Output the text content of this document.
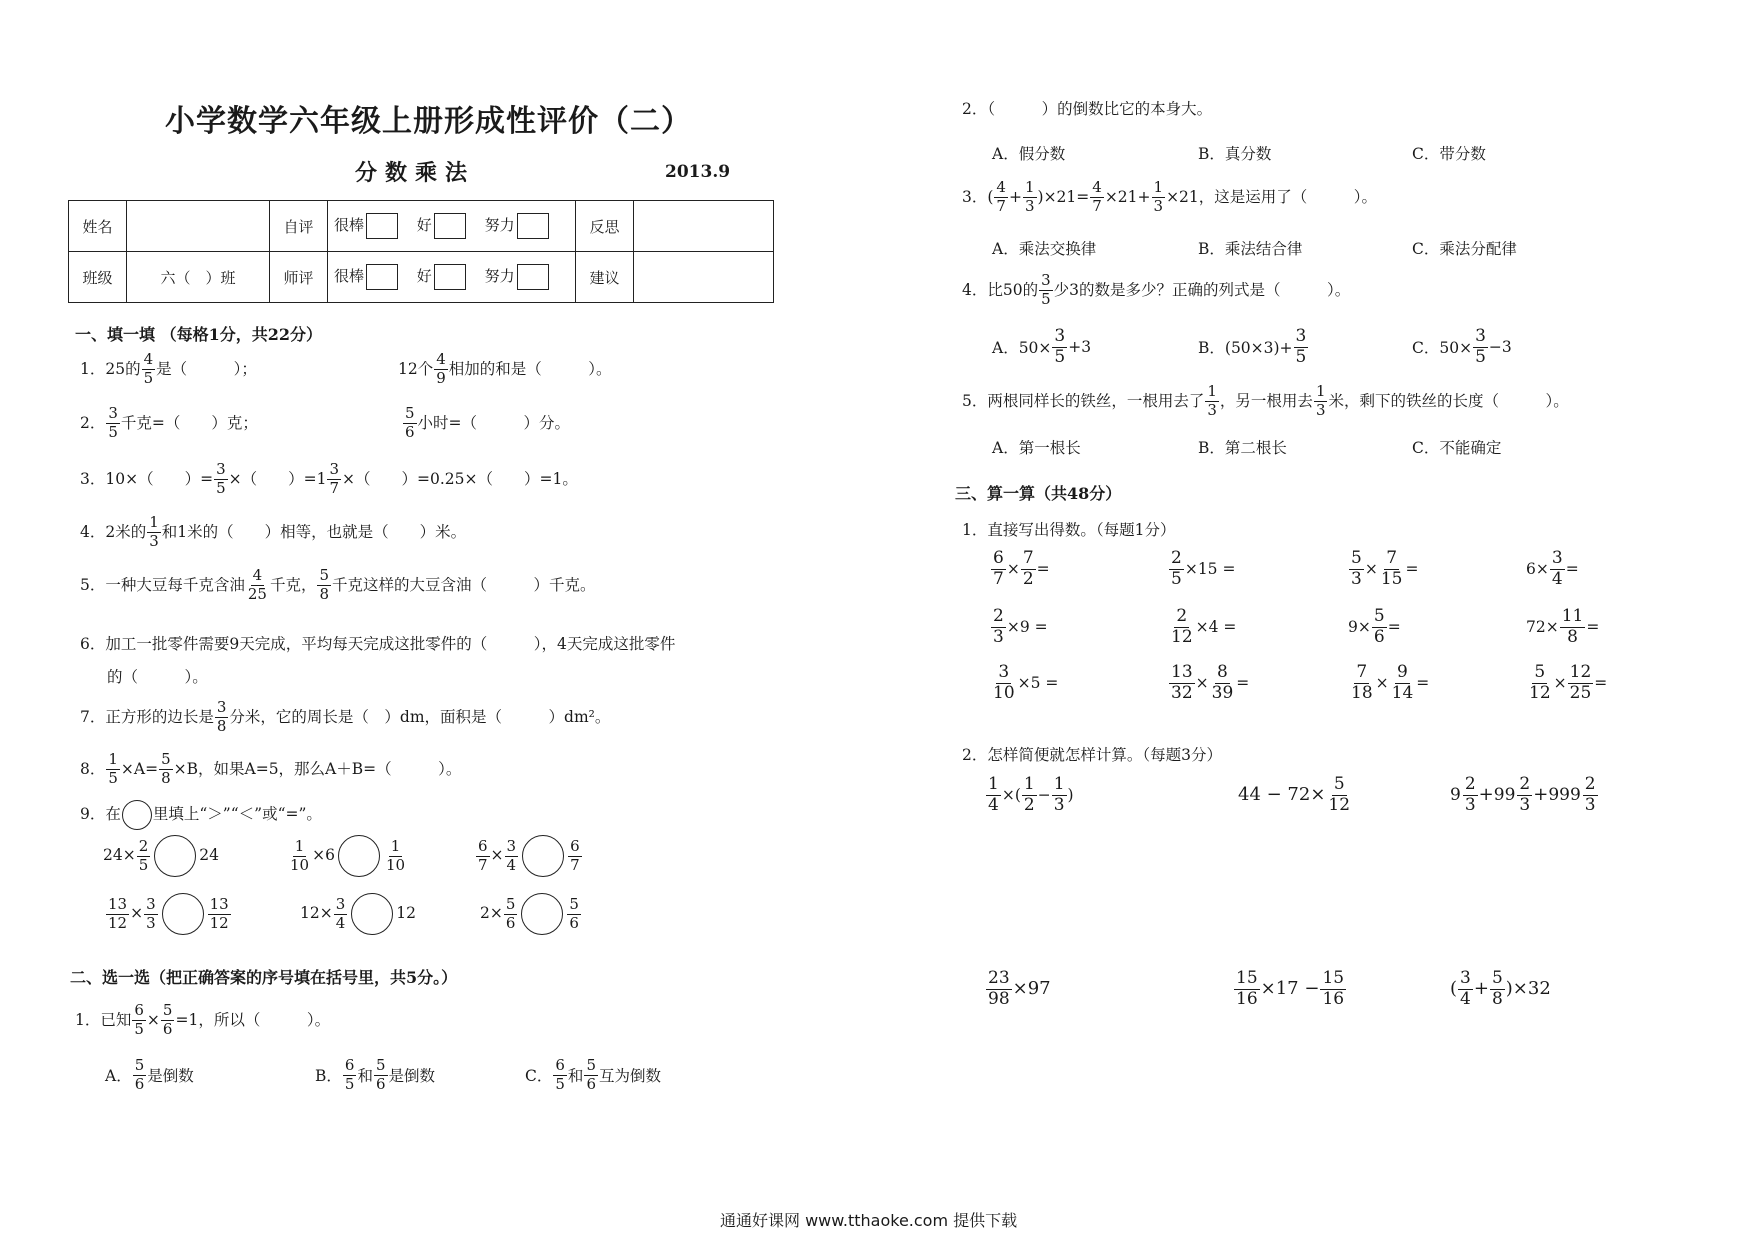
小学数学六年级上册形成性评价（二）
分数乘法	2013.9
姓名		自评	很棒 好 努力	反思	
班级	六（　）班	师评	很棒 好 努力	建议	
一、填一填 （每格1分，共22分）
1．25的 $\frac{4}{5}$ 是（　　　）；	12个 $\frac{4}{9}$ 相加的和是（　　　）。
2． $\frac{3}{5}$ 千克=（　　）克；	$\frac{5}{6}$ 小时=（　　　）分。
3．10×（　　）= $\frac{3}{5}$ ×（　　）$=1 \frac{3}{7}$ ×（　　）=0.25×（　　）=1。
4．2米的 $\frac{1}{3}$ 和1米的（　　）相等，也就是（　　）米。
5．一种大豆每千克含油 $\frac{4}{25}$ 千克， $\frac{5}{8}$ 千克这样的大豆含油（　　　）千克。
6．加工一批零件需要9天完成，平均每天完成这批零件的（　　　），4天完成这批零件
的（　　　）。
7．正方形的边长是 $\frac{3}{8}$ 分米，它的周长是（　）dm，面积是（　　　）dm²。
8． $\frac{1}{5} \times A= \frac{5}{8} \times B$，如果A=5，那么A＋B=（　　　）。
9．在 里填上“＞”“＜”或“=”。
$24\times \frac{2}{5}$	24	$\frac{1}{10} \times 6$	$\frac{1}{10}$	$\frac{6}{7} \times \frac{3}{4}$	$\frac{6}{7}$
$\frac{13}{12} \times \frac{3}{3}$	$\frac{13}{12}$	$12\times \frac{3}{4}$	12	$2\times \frac{5}{6}$	$\frac{5}{6}$
二、选一选（把正确答案的序号填在括号里，共5分。）
1．已知 $\frac{6}{5} \times \frac{5}{6} =1$，所以（　　　）。
A． $\frac{5}{6}$ 是倒数	B． $\frac{6}{5}$ 和 $\frac{5}{6}$ 是倒数	C． $\frac{6}{5}$ 和 $\frac{5}{6}$ 互为倒数
2．（　　　）的倒数比它的本身大。
A．假分数	B．真分数	C．带分数
3．( $\frac{4}{7} + \frac{1}{3} )\times 21= \frac{4}{7} \times 21+ \frac{1}{3} \times 21$，这是运用了（　　　）。
A．乘法交换律	B．乘法结合律	C．乘法分配律
4．比50的 $\frac{3}{5}$ 少3的数是多少？正确的列式是（　　　）。
A．$50\times \frac{3}{5} +3$	B．$(50\times 3)+ \frac{3}{5}$	C．$50\times \frac{3}{5} -3$
5．两根同样长的铁丝，一根用去了 $\frac{1}{3}$ ，另一根用去 $\frac{1}{3}$ 米，剩下的铁丝的长度（　　　）。
A．第一根长	B．第二根长	C．不能确定
三、算一算（共48分）
1．直接写出得数。（每题1分）
$\frac{6}{7} \times \frac{7}{2}$ =	$\frac{2}{5} \times 15$ =	$\frac{5}{3} \times \frac{7}{15}$ =	$6\times \frac{3}{4}$ =
$\frac{2}{3} \times 9$ =	$\frac{2}{12} \times 4$ =	$9\times \frac{5}{6}$ =	$72\times \frac{11}{8}$ =
$\frac{3}{10} \times 5$ =	$\frac{13}{32} \times \frac{8}{39}$ =	$\frac{7}{18} \times \frac{9}{14}$ =	$\frac{5}{12} \times \frac{12}{25}$ =
2．怎样简便就怎样计算。（每题3分）
$\frac{1}{4}$ ×( $\frac{1}{2} - \frac{1}{3}$ )	$44 - 72\times \frac{5}{12}$	$9 \frac{2}{3} + 99 \frac{2}{3} + 999 \frac{2}{3}$
$\frac{23}{98} \times 97$	$\frac{15}{16} \times 17 - \frac{15}{16}$	( $\frac{3}{4} + \frac{5}{8} )\times 32$
通通好课网 www.tthaoke.com 提供下载
